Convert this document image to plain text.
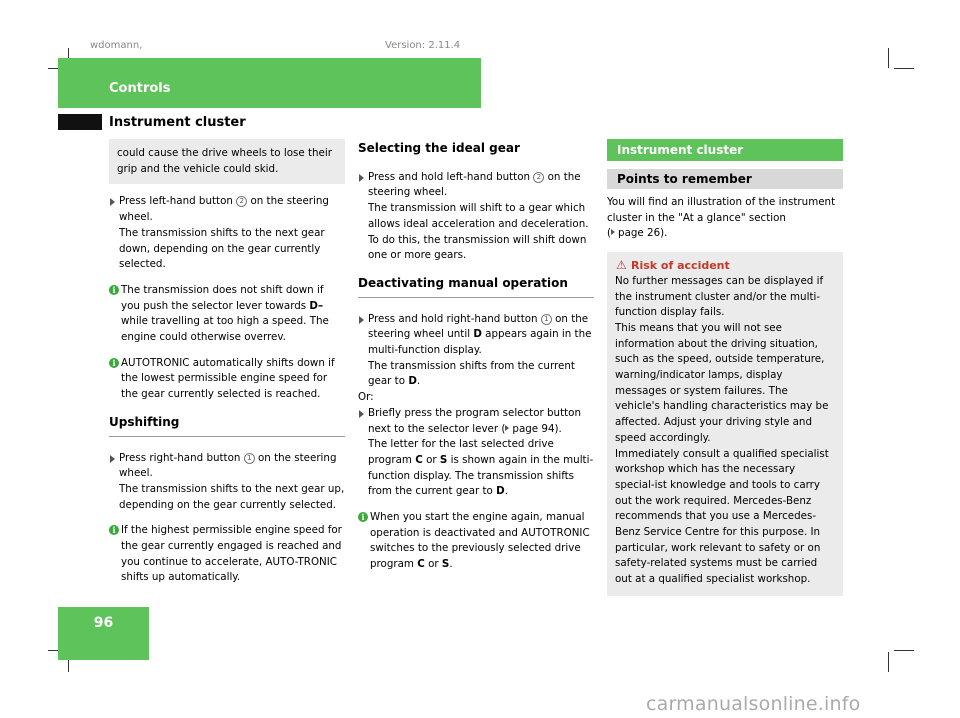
wdomann,	Version: 2.11.4
Controls
Instrument cluster

could cause the drive wheels to lose their grip and the vehicle could skid.

Press left-hand button 2 on the steering wheel.

The transmission shifts to the next gear down, depending on the gear currently selected.

i The transmission does not shift down if you push the selector lever towards D– while travelling at too high a speed. The engine could otherwise overrev.

i AUTOTRONIC automatically shifts down if the lowest permissible engine speed for the gear currently selected is reached.

Upshifting

Press right-hand button 1 on the steering wheel.

The transmission shifts to the next gear up, depending on the gear currently selected.

i If the highest permissible engine speed for the gear currently engaged is reached and you continue to accelerate, AUTO-TRONIC shifts up automatically.

Selecting the ideal gear

Press and hold left-hand button 2 on the steering wheel.

The transmission will shift to a gear which allows ideal acceleration and deceleration. To do this, the transmission will shift down one or more gears.

Deactivating manual operation

Press and hold right-hand button 1 on the steering wheel until D appears again in the multi-function display.

The transmission shifts from the current gear to D.

Or:

Briefly press the program selector button next to the selector lever ( page 94).

The letter for the last selected drive program C or S is shown again in the multi-function display. The transmission shifts from the current gear to D.

i When you start the engine again, manual operation is deactivated and AUTOTRONIC switches to the previously selected drive program C or S.

Instrument cluster
Points to remember

You will find an illustration of the instrument cluster in the "At a glance" section
( page 26).

⚠ Risk of accident

No further messages can be displayed if the instrument cluster and/or the multi-function display fails.

This means that you will not see information about the driving situation, such as the speed, outside temperature, warning/indicator lamps, display messages or system failures. The vehicle's handling characteristics may be affected. Adjust your driving style and speed accordingly.

Immediately consult a qualified specialist workshop which has the necessary special-ist knowledge and tools to carry out the work required. Mercedes-Benz recommends that you use a Mercedes-Benz Service Centre for this purpose. In particular, work relevant to safety or on safety-related systems must be carried out at a qualified specialist workshop.

96
carmanualsonline.info
